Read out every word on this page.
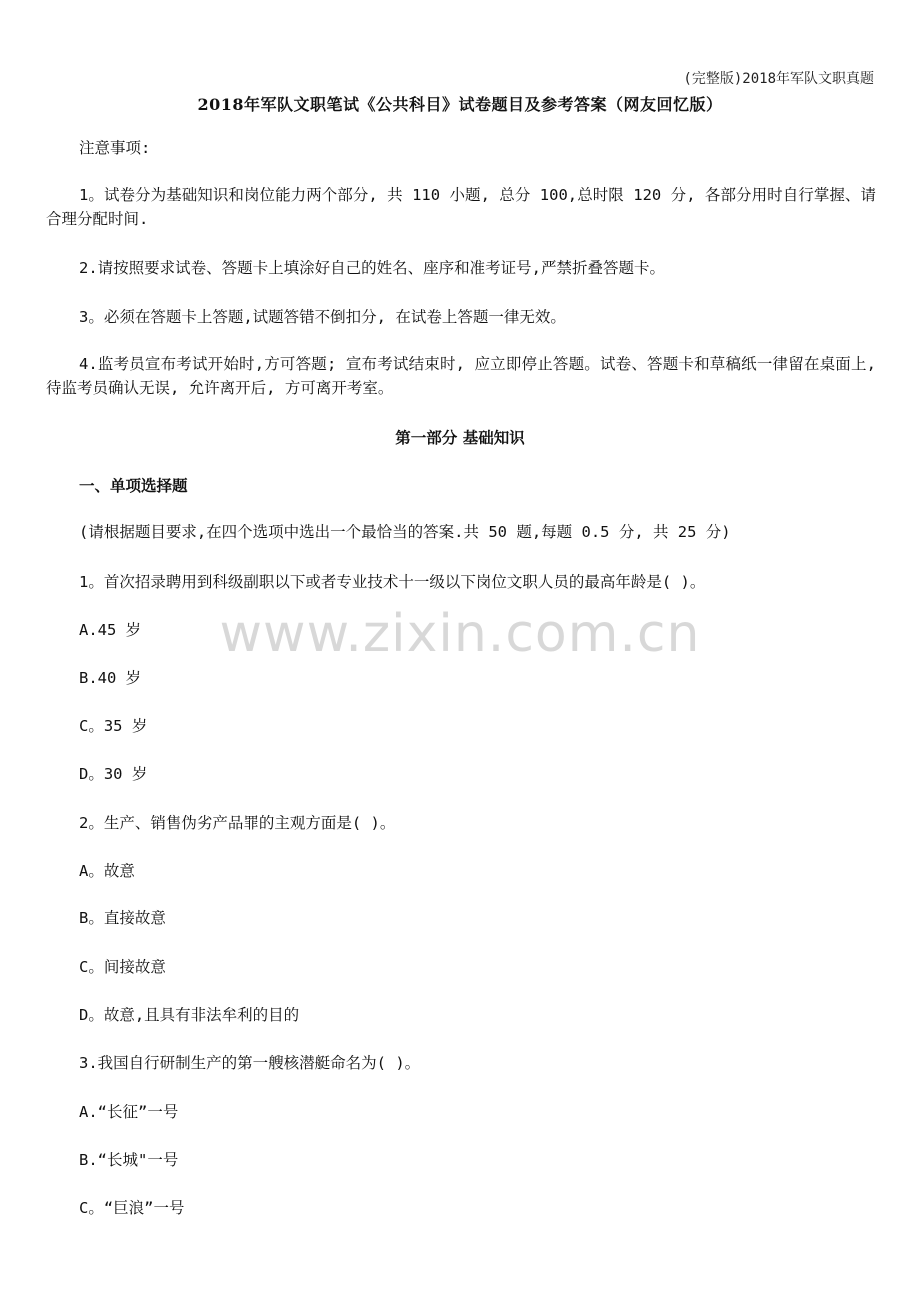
(完整版)2018年军队文职真题
2018年军队文职笔试《公共科目》试卷题目及参考答案（网友回忆版）
注意事项:
1。试卷分为基础知识和岗位能力两个部分, 共 110 小题, 总分 100,总时限 120 分, 各部分用时自行掌握、请合理分配时间.
2.请按照要求试卷、答题卡上填涂好自己的姓名、座序和准考证号,严禁折叠答题卡。
3。必须在答题卡上答题,试题答错不倒扣分, 在试卷上答题一律无效。
4.监考员宣布考试开始时,方可答题; 宣布考试结束时, 应立即停止答题。试卷、答题卡和草稿纸一律留在桌面上, 待监考员确认无误, 允许离开后, 方可离开考室。
第一部分 基础知识
一、单项选择题
(请根据题目要求,在四个选项中选出一个最恰当的答案.共 50 题,每题 0.5 分, 共 25 分)
1。首次招录聘用到科级副职以下或者专业技术十一级以下岗位文职人员的最高年龄是( )。
A.45 岁
B.40 岁
C。35 岁
D。30 岁
2。生产、销售伪劣产品罪的主观方面是( )。
A。故意
B。直接故意
C。间接故意
D。故意,且具有非法牟利的目的
3.我国自行研制生产的第一艘核潜艇命名为( )。
A.“长征”一号
B.“长城"一号
C。“巨浪”一号
www.zixin.com.cn
